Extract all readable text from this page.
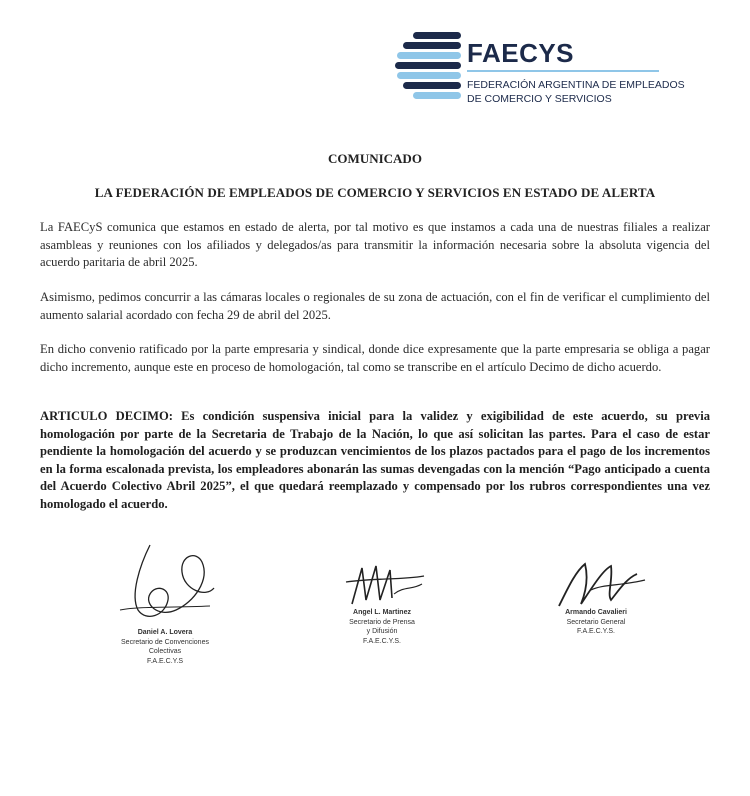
FAECYS
FEDERACIÓN ARGENTINA DE EMPLEADOS
DE COMERCIO Y SERVICIOS
COMUNICADO
LA FEDERACIÓN DE EMPLEADOS DE COMERCIO Y SERVICIOS EN ESTADO DE ALERTA

La FAECyS comunica que estamos en estado de alerta, por tal motivo es que instamos a cada una de nuestras filiales a realizar asambleas y reuniones con los afiliados y delegados/as para transmitir la información necesaria sobre la absoluta vigencia del acuerdo paritaria de abril 2025.

Asimismo, pedimos concurrir a las cámaras locales o regionales de su zona de actuación, con el fin de verificar el cumplimiento del aumento salarial acordado con fecha 29 de abril del 2025.

En dicho convenio ratificado por la parte empresaria y sindical, donde dice expresamente que la parte empresaria se obliga a pagar dicho incremento, aunque este en proceso de homologación, tal como se transcribe en el artículo Decimo de dicho acuerdo.

ARTICULO DECIMO: Es condición suspensiva inicial para la validez y exigibilidad de este acuerdo, su previa homologación por parte de la Secretaria de Trabajo de la Nación, lo que así solicitan las partes. Para el caso de estar pendiente la homologación del acuerdo y se produzcan vencimientos de los plazos pactados para el pago de los incrementos en la forma escalonada prevista, los empleadores abonarán las sumas devengadas con la mención “Pago anticipado a cuenta del Acuerdo Colectivo Abril 2025”, el que quedará reemplazado y compensado por los rubros correspondientes una vez homologado el acuerdo.

Daniel A. Lovera
Secretario de Convenciones
Colectivas
F.A.E.C.Y.S
Angel L. Martinez
Secretario de Prensa
y Difusión
F.A.E.C.Y.S.
Armando Cavalieri
Secretario General
F.A.E.C.Y.S.
